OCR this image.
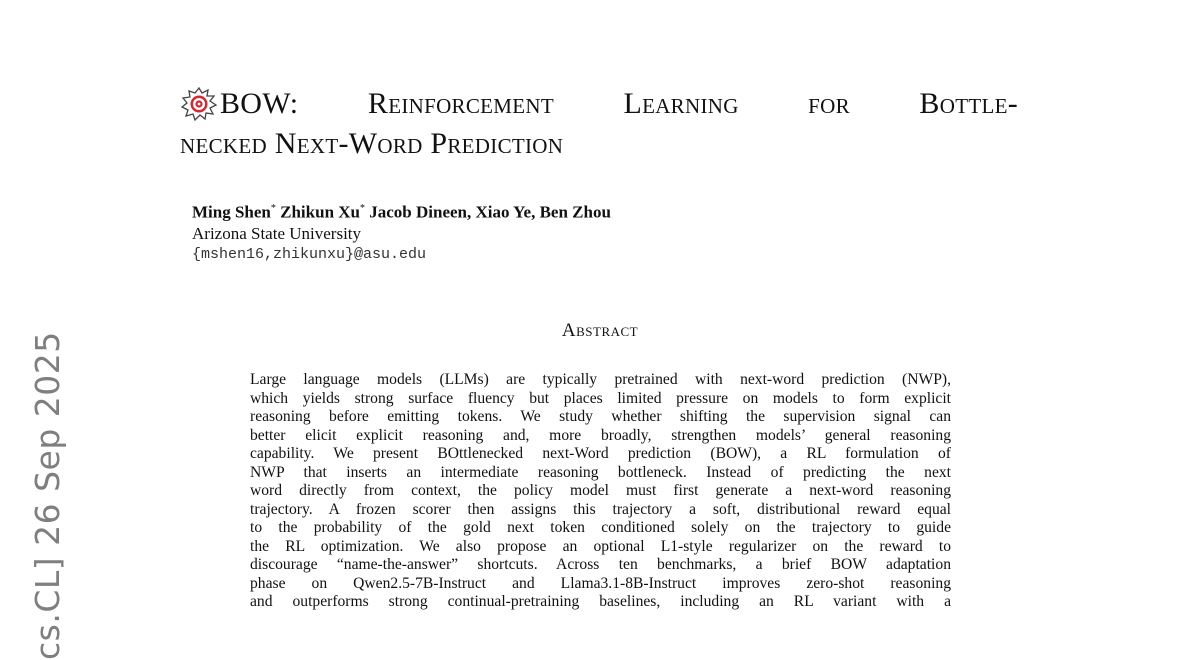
cs.CL] 26 Sep 2025
BOW: Reinforcement Learning for Bottle-
necked Next-Word Prediction
Ming Shen* Zhikun Xu* Jacob Dineen, Xiao Ye, Ben Zhou
Arizona State University
{mshen16,zhikunxu}@asu.edu
Abstract
Large language models (LLMs) are typically pretrained with next-word prediction (NWP),
which yields strong surface fluency but places limited pressure on models to form explicit
reasoning before emitting tokens. We study whether shifting the supervision signal can
better elicit explicit reasoning and, more broadly, strengthen models’ general reasoning
capability. We present BOttlenecked next-Word prediction (BOW), a RL formulation of
NWP that inserts an intermediate reasoning bottleneck. Instead of predicting the next
word directly from context, the policy model must first generate a next-word reasoning
trajectory. A frozen scorer then assigns this trajectory a soft, distributional reward equal
to the probability of the gold next token conditioned solely on the trajectory to guide
the RL optimization. We also propose an optional L1-style regularizer on the reward to
discourage “name-the-answer” shortcuts. Across ten benchmarks, a brief BOW adaptation
phase on Qwen2.5-7B-Instruct and Llama3.1-8B-Instruct improves zero-shot reasoning
and outperforms strong continual-pretraining baselines, including an RL variant with a
